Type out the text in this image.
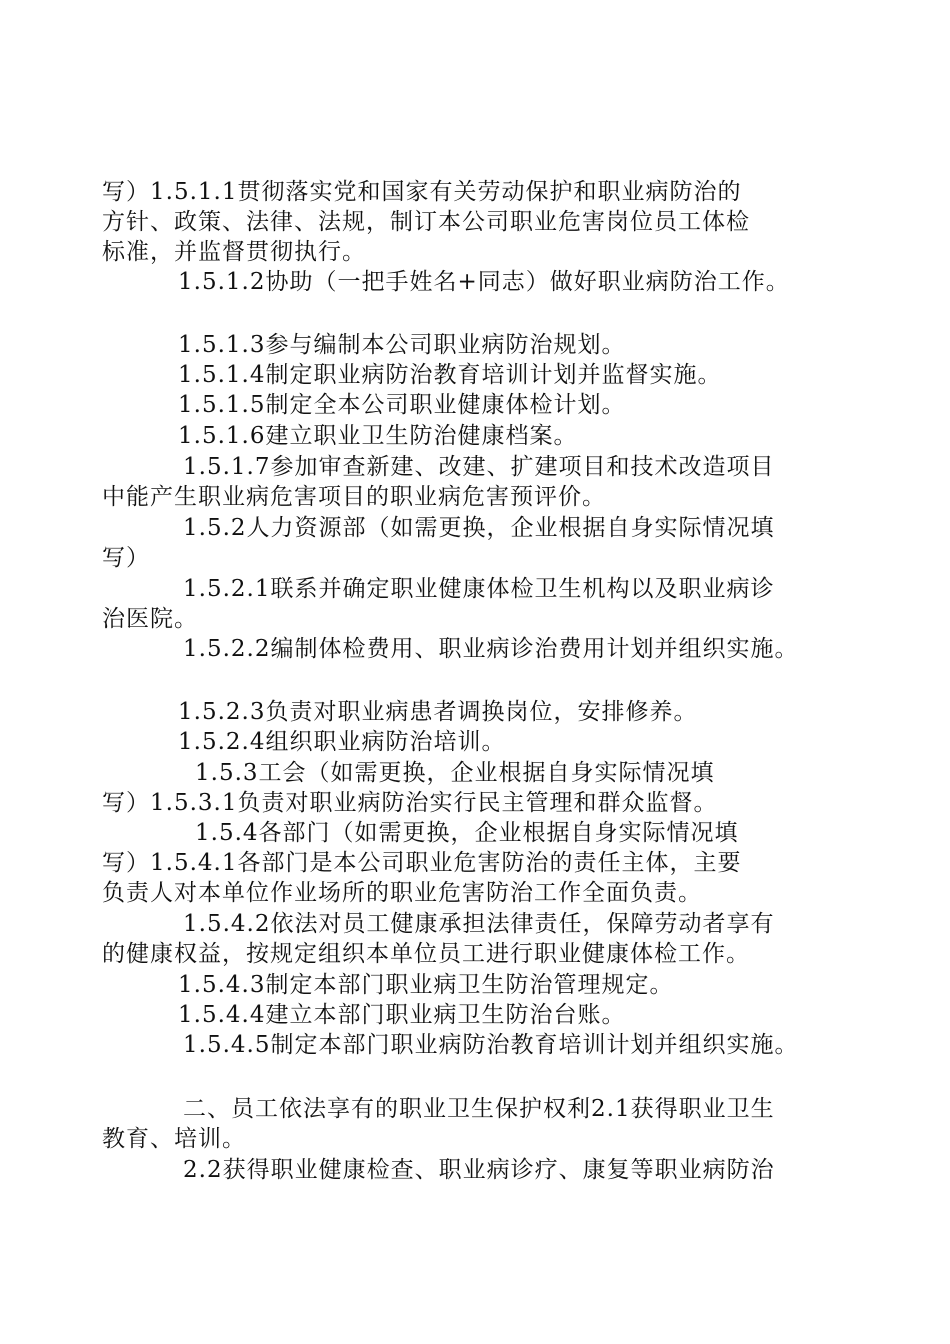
写）1.5.1.1贯彻落实党和国家有关劳动保护和职业病防治的
方针、政策、法律、法规，制订本公司职业危害岗位员工体检
标准，并监督贯彻执行。
1.5.1.2协助（一把手姓名+同志）做好职业病防治工作。
1.5.1.3参与编制本公司职业病防治规划。
1.5.1.4制定职业病防治教育培训计划并监督实施。
1.5.1.5制定全本公司职业健康体检计划。
1.5.1.6建立职业卫生防治健康档案。
1.5.1.7参加审查新建、改建、扩建项目和技术改造项目
中能产生职业病危害项目的职业病危害预评价。
1.5.2人力资源部（如需更换，企业根据自身实际情况填
写）
1.5.2.1联系并确定职业健康体检卫生机构以及职业病诊
治医院。
1.5.2.2编制体检费用、职业病诊治费用计划并组织实施。
1.5.2.3负责对职业病患者调换岗位，安排修养。
1.5.2.4组织职业病防治培训。
1.5.3工会（如需更换，企业根据自身实际情况填
写）1.5.3.1负责对职业病防治实行民主管理和群众监督。
1.5.4各部门（如需更换，企业根据自身实际情况填
写）1.5.4.1各部门是本公司职业危害防治的责任主体，主要
负责人对本单位作业场所的职业危害防治工作全面负责。
1.5.4.2依法对员工健康承担法律责任，保障劳动者享有
的健康权益，按规定组织本单位员工进行职业健康体检工作。
1.5.4.3制定本部门职业病卫生防治管理规定。
1.5.4.4建立本部门职业病卫生防治台账。
1.5.4.5制定本部门职业病防治教育培训计划并组织实施。
二、员工依法享有的职业卫生保护权利2.1获得职业卫生
教育、培训。
2.2获得职业健康检查、职业病诊疗、康复等职业病防治
